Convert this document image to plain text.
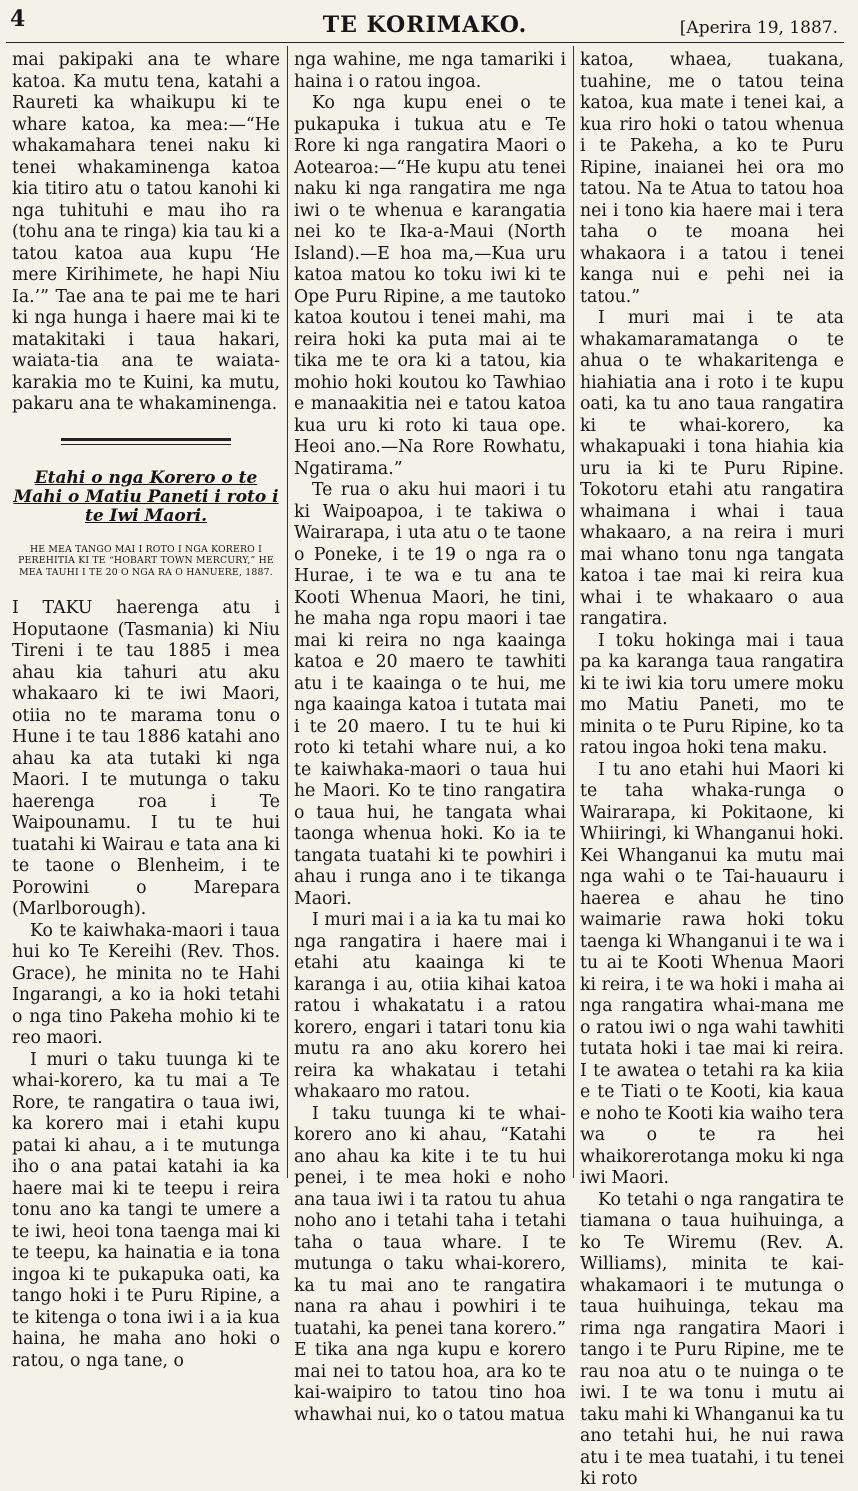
4	TE KORIMAKO.	[Aperira 19, 1887.

mai pakipaki ana te whare katoa. Ka mutu tena, katahi a Raureti ka whaikupu ki te whare katoa, ka mea:—“He whakamahara tenei naku ki tenei whakaminenga katoa kia titiro atu o tatou kanohi ki nga tuhituhi e mau iho ra (tohu ana te ringa) kia tau ki a tatou katoa aua kupu ‘He mere Kirihimete, he hapi Niu Ia.’” Tae ana te pai me te hari ki nga hunga i haere mai ki te matakitaki i taua hakari, waiata-tia ana te waiata-karakia mo te Kuini, ka mutu, pakaru ana te whakaminenga.

Etahi o nga Korero o te Mahi o Matiu Paneti i roto i te Iwi Maori.

HE MEA TANGO MAI I ROTO I NGA KORERO I PEREHITIA KI TE “HOBART TOWN MERCURY,” HE MEA TAUHI I TE 20 O NGA RA O HANUERE, 1887.

I TAKU haerenga atu i Hoputaone (Tasmania) ki Niu Tireni i te tau 1885 i mea ahau kia tahuri atu aku whakaaro ki te iwi Maori, otiia no te marama tonu o Hune i te tau 1886 katahi ano ahau ka ata tutaki ki nga Maori. I te mutunga o taku haerenga roa i Te Waipounamu. I tu te hui tuatahi ki Wairau e tata ana ki te taone o Blenheim, i te Porowini o Marepara (Marlborough).

Ko te kaiwhaka-maori i taua hui ko Te Kereihi (Rev. Thos. Grace), he minita no te Hahi Ingarangi, a ko ia hoki tetahi o nga tino Pakeha mohio ki te reo maori.

I muri o taku tuunga ki te whai-korero, ka tu mai a Te Rore, te rangatira o taua iwi, ka korero mai i etahi kupu patai ki ahau, a i te mutunga iho o ana patai katahi ia ka haere mai ki te teepu i reira tonu ano ka tangi te umere a te iwi, heoi tona taenga mai ki te teepu, ka hainatia e ia tona ingoa ki te pukapuka oati, ka tango hoki i te Puru Ripine, a te kitenga o tona iwi i a ia kua haina, he maha ano hoki o ratou, o nga tane, o

nga wahine, me nga tamariki i haina i o ratou ingoa.

Ko nga kupu enei o te pukapuka i tukua atu e Te Rore ki nga rangatira Maori o Aotearoa:—“He kupu atu tenei naku ki nga rangatira me nga iwi o te whenua e karangatia nei ko te Ika-a-Maui (North Island).—E hoa ma,—Kua uru katoa matou ko toku iwi ki te Ope Puru Ripine, a me tautoko katoa koutou i tenei mahi, ma reira hoki ka puta mai ai te tika me te ora ki a tatou, kia mohio hoki koutou ko Tawhiao e manaakitia nei e tatou katoa kua uru ki roto ki taua ope. Heoi ano.—Na Rore Rowhatu, Ngatirama.”

Te rua o aku hui maori i tu ki Waipoapoa, i te takiwa o Wairarapa, i uta atu o te taone o Poneke, i te 19 o nga ra o Hurae, i te wa e tu ana te Kooti Whenua Maori, he tini, he maha nga ropu maori i tae mai ki reira no nga kaainga katoa e 20 maero te tawhiti atu i te kaainga o te hui, me nga kaainga katoa i tutata mai i te 20 maero. I tu te hui ki roto ki tetahi whare nui, a ko te kaiwhaka-maori o taua hui he Maori. Ko te tino rangatira o taua hui, he tangata whai taonga whenua hoki. Ko ia te tangata tuatahi ki te powhiri i ahau i runga ano i te tikanga Maori.

I muri mai i a ia ka tu mai ko nga rangatira i haere mai i etahi atu kaainga ki te karanga i au, otiia kihai katoa ratou i whakatatu i a ratou korero, engari i tatari tonu kia mutu ra ano aku korero hei reira ka whakatau i tetahi whakaaro mo ratou.

I taku tuunga ki te whai-korero ano ki ahau, “Katahi ano ahau ka kite i te tu hui penei, i te mea hoki e noho ana taua iwi i ta ratou tu ahua noho ano i tetahi taha i tetahi taha o taua whare. I te mutunga o taku whai-korero, ka tu mai ano te rangatira nana ra ahau i powhiri i te tuatahi, ka penei tana korero.” E tika ana nga kupu e korero mai nei to tatou hoa, ara ko te kai-waipiro to tatou tino hoa whawhai nui, ko o tatou matua

katoa, whaea, tuakana, tuahine, me o tatou teina katoa, kua mate i tenei kai, a kua riro hoki o tatou whenua i te Pakeha, a ko te Puru Ripine, inaianei hei ora mo tatou. Na te Atua to tatou hoa nei i tono kia haere mai i tera taha o te moana hei whakaora i a tatou i tenei kanga nui e pehi nei ia tatou.”

I muri mai i te ata whakamaramatanga o te ahua o te whakaritenga e hiahiatia ana i roto i te kupu oati, ka tu ano taua rangatira ki te whai-korero, ka whakapuaki i tona hiahia kia uru ia ki te Puru Ripine. Tokotoru etahi atu rangatira whaimana i whai i taua whakaaro, a na reira i muri mai whano tonu nga tangata katoa i tae mai ki reira kua whai i te whakaaro o aua rangatira.

I toku hokinga mai i taua pa ka karanga taua rangatira ki te iwi kia toru umere moku mo Matiu Paneti, mo te minita o te Puru Ripine, ko ta ratou ingoa hoki tena maku.

I tu ano etahi hui Maori ki te taha whaka-runga o Wairarapa, ki Pokitaone, ki Whiiringi, ki Whanganui hoki. Kei Whanganui ka mutu mai nga wahi o te Tai-hauauru i haerea e ahau he tino waimarie rawa hoki toku taenga ki Whanganui i te wa i tu ai te Kooti Whenua Maori ki reira, i te wa hoki i maha ai nga rangatira whai-mana me o ratou iwi o nga wahi tawhiti tutata hoki i tae mai ki reira. I te awatea o tetahi ra ka kiia e te Tiati o te Kooti, kia kaua e noho te Kooti kia waiho tera wa o te ra hei whaikorerotanga moku ki nga iwi Maori.

Ko tetahi o nga rangatira te tiamana o taua huihuinga, a ko Te Wiremu (Rev. A. Williams), minita te kai-whakamaori i te mutunga o taua huihuinga, tekau ma rima nga rangatira Maori i tango i te Puru Ripine, me te rau noa atu o te nuinga o te iwi. I te wa tonu i mutu ai taku mahi ki Whanganui ka tu ano tetahi hui, he nui rawa atu i te mea tuatahi, i tu tenei ki roto
